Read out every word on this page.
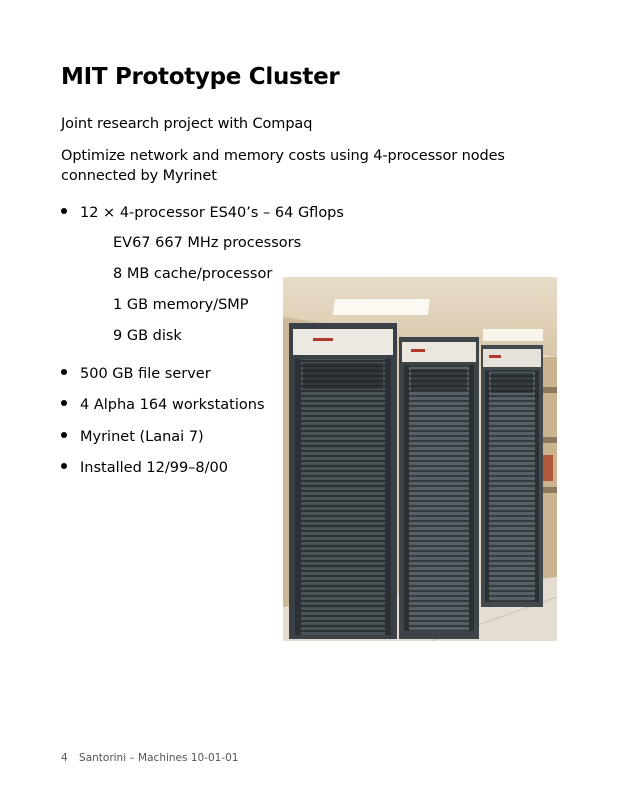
MIT Prototype Cluster

Joint research project with Compaq

Optimize network and memory costs using 4-processor nodes

connected by Myrinet

12 × 4-processor ES40’s – 64 Gflops
EV67 667 MHz processors
8 MB cache/processor
1 GB memory/SMP
9 GB disk
500 GB file server
4 Alpha 164 workstations
Myrinet (Lanai 7)
Installed 12/99–8/00
4 Santorini – Machines 10-01-01
